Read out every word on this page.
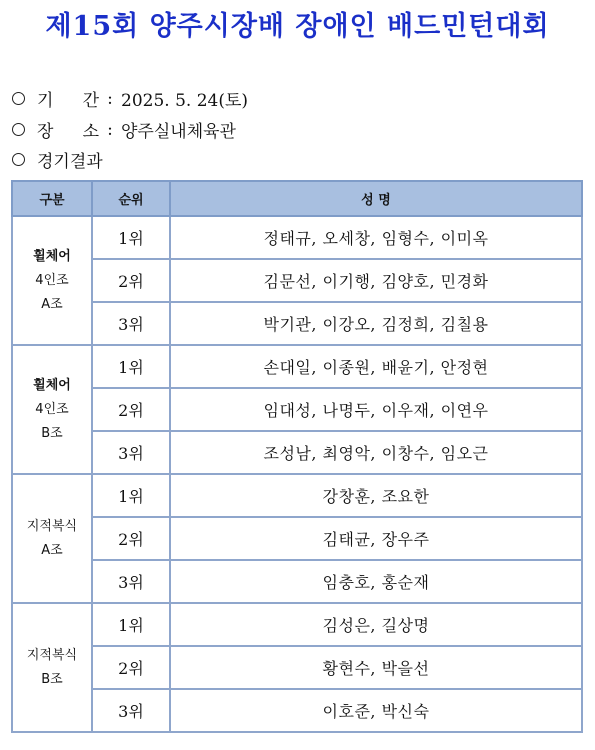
제15회 양주시장배 장애인 배드민턴대회
기 간 : 2025. 5. 24(토)
장 소 : 양주실내체육관
경기결과
구분	순위	성 명

휠체어
4인조
A조	1위	정태규, 오세창, 임형수, 이미옥
	2위	김문선, 이기행, 김양호, 민경화
	3위	박기관, 이강오, 김정희, 김칠용

휠체어
4인조
B조	1위	손대일, 이종원, 배윤기, 안정현
	2위	임대성, 나명두, 이우재, 이연우
	3위	조성남, 최영악, 이창수, 임오근

지적복식
A조	1위	강창훈, 조요한
	2위	김태균, 장우주
	3위	임충호, 홍순재

지적복식
B조	1위	김성은, 길상명
	2위	황현수, 박을선
	3위	이호준, 박신숙
